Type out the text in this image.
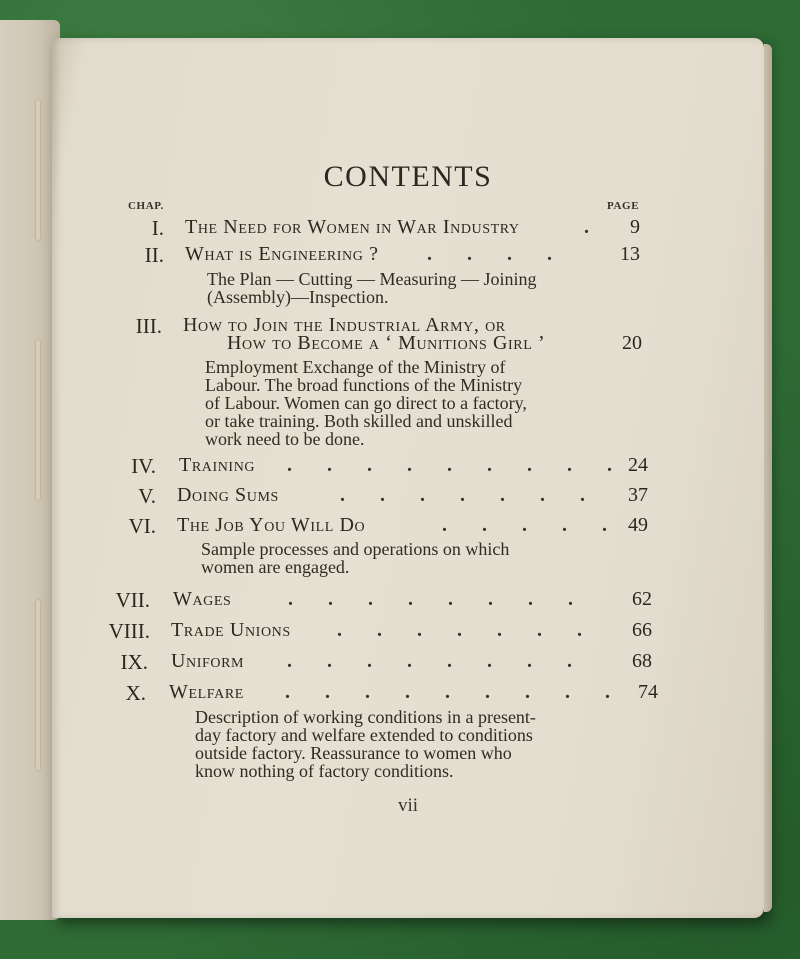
CONTENTS
CHAP.	PAGE
I. The Need for Women in War Industry	.	9
II. What is Engineering ? . . . .	13
The Plan — Cutting — Measuring — Joining
(Assembly)—Inspection.
III. How to Join the Industrial Army, or
How to Become a ‘ Munitions Girl ’	20
Employment Exchange of the Ministry of
Labour. The broad functions of the Ministry
of Labour. Women can go direct to a factory,
or take training. Both skilled and unskilled
work need to be done.
IV. Training . . . . . . . . . 24
V. Doing Sums	. . . . . . .	37
VI. The Job You Will Do	. . . . .	49
Sample processes and operations on which
women are engaged.
VII. Wages	. . . . . . . .	62
VIII. Trade Unions . . . . . . .	66
IX. Uniform . . . . . . . .	68
X. Welfare . . . . . . . . .	74
Description of working conditions in a present-
day factory and welfare extended to conditions
outside factory. Reassurance to women who
know nothing of factory conditions.
vii
